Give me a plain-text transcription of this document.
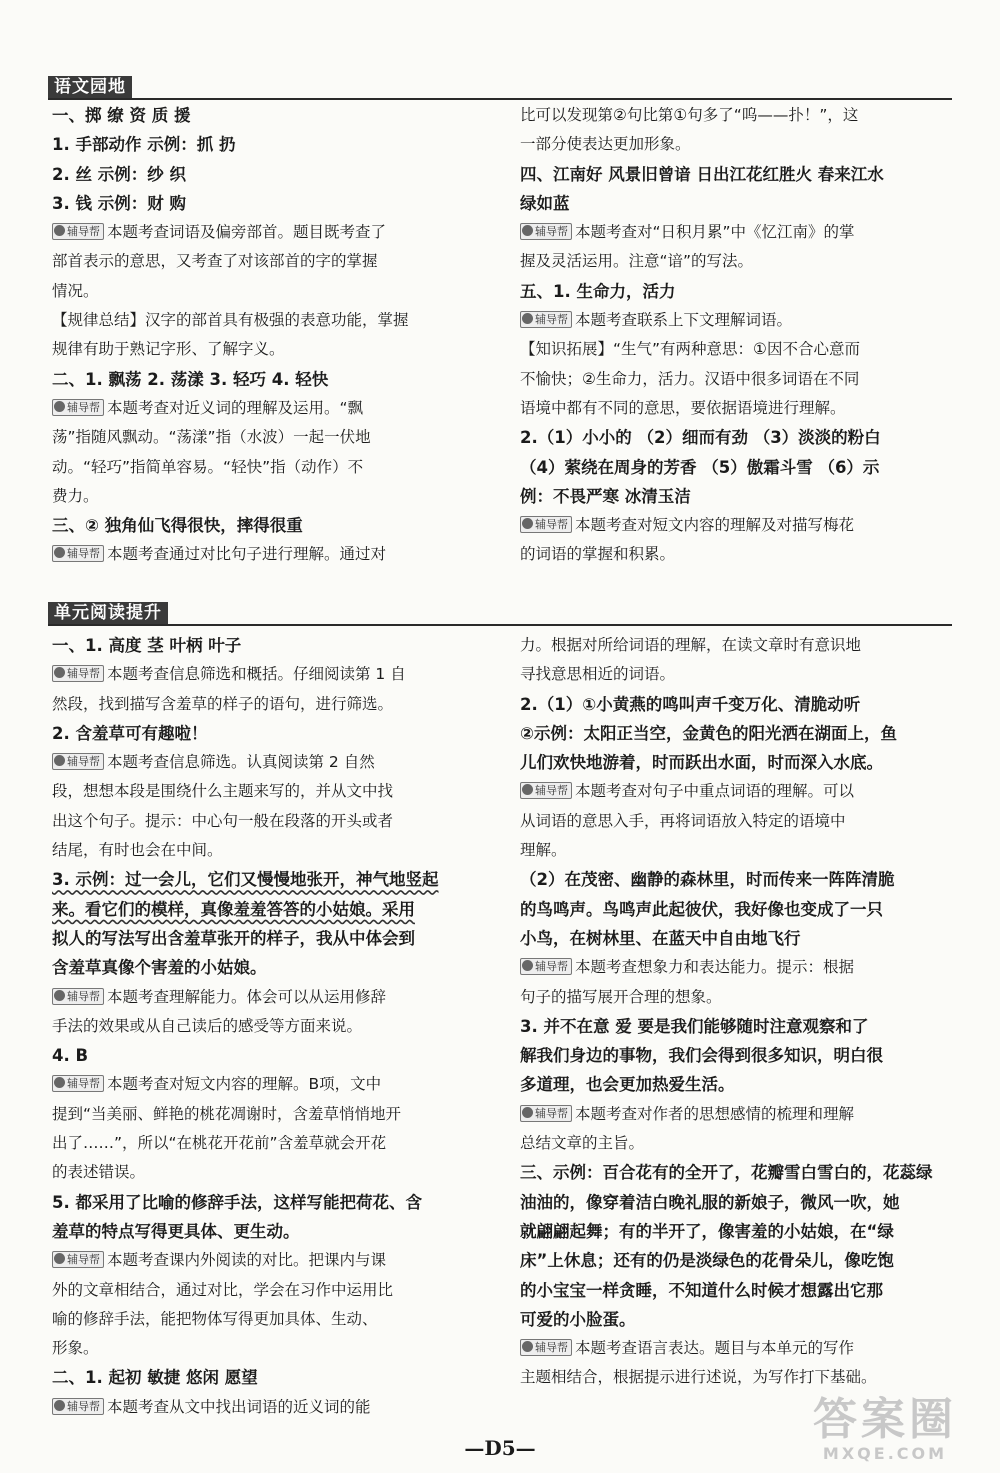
语文园地
一、掷 缭 资 质 援
1. 手部动作 示例：抓 扔
2. 丝 示例：纱 织
3. 钱 示例：财 购
辅导帮 本题考查词语及偏旁部首。题目既考查了
部首表示的意思，又考查了对该部首的字的掌握
情况。
【规律总结】汉字的部首具有极强的表意功能，掌握
规律有助于熟记字形、了解字义。
二、1. 飘荡 2. 荡漾 3. 轻巧 4. 轻快
辅导帮 本题考查对近义词的理解及运用。“飘
荡”指随风飘动。“荡漾”指（水波）一起一伏地
动。“轻巧”指简单容易。“轻快”指（动作）不
费力。
三、② 独角仙飞得很快，摔得很重
辅导帮 本题考查通过对比句子进行理解。通过对
比可以发现第②句比第①句多了“呜——扑！”，这
一部分使表达更加形象。
四、江南好 风景旧曾谙 日出江花红胜火 春来江水
绿如蓝
辅导帮 本题考查对“日积月累”中《忆江南》的掌
握及灵活运用。注意“谙”的写法。
五、1. 生命力，活力
辅导帮 本题考查联系上下文理解词语。
【知识拓展】“生气”有两种意思：①因不合心意而
不愉快；②生命力，活力。汉语中很多词语在不同
语境中都有不同的意思，要依据语境进行理解。
2.（1）小小的 （2）细而有劲 （3）淡淡的粉白
（4）萦绕在周身的芳香 （5）傲霜斗雪 （6）示
例：不畏严寒 冰清玉洁
辅导帮 本题考查对短文内容的理解及对描写梅花
的词语的掌握和积累。
单元阅读提升
一、1. 高度 茎 叶柄 叶子
辅导帮 本题考查信息筛选和概括。仔细阅读第 1 自
然段，找到描写含羞草的样子的语句，进行筛选。
2. 含羞草可有趣啦！
辅导帮 本题考查信息筛选。认真阅读第 2 自然
段，想想本段是围绕什么主题来写的，并从文中找
出这个句子。提示：中心句一般在段落的开头或者
结尾，有时也会在中间。
3. 示例：过一会儿，它们又慢慢地张开，神气地竖起
来。看它们的模样，真像羞羞答答的小姑娘。采用
拟人的写法写出含羞草张开的样子，我从中体会到
含羞草真像个害羞的小姑娘。
辅导帮 本题考查理解能力。体会可以从运用修辞
手法的效果或从自己读后的感受等方面来说。
4. B
辅导帮 本题考查对短文内容的理解。B项，文中
提到“当美丽、鲜艳的桃花凋谢时，含羞草悄悄地开
出了……”，所以“在桃花开花前”含羞草就会开花
的表述错误。
5. 都采用了比喻的修辞手法，这样写能把荷花、含
羞草的特点写得更具体、更生动。
辅导帮 本题考查课内外阅读的对比。把课内与课
外的文章相结合，通过对比，学会在习作中运用比
喻的修辞手法，能把物体写得更加具体、生动、
形象。
二、1. 起初 敏捷 悠闲 愿望
辅导帮 本题考查从文中找出词语的近义词的能
力。根据对所给词语的理解，在读文章时有意识地
寻找意思相近的词语。
2.（1）①小黄燕的鸣叫声千变万化、清脆动听
②示例：太阳正当空，金黄色的阳光洒在湖面上，鱼
儿们欢快地游着，时而跃出水面，时而深入水底。
辅导帮 本题考查对句子中重点词语的理解。可以
从词语的意思入手，再将词语放入特定的语境中
理解。
（2）在茂密、幽静的森林里，时而传来一阵阵清脆
的鸟鸣声。鸟鸣声此起彼伏，我好像也变成了一只
小鸟，在树林里、在蓝天中自由地飞行
辅导帮 本题考查想象力和表达能力。提示：根据
句子的描写展开合理的想象。
3. 并不在意 爱 要是我们能够随时注意观察和了
解我们身边的事物，我们会得到很多知识，明白很
多道理，也会更加热爱生活。
辅导帮 本题考查对作者的思想感情的梳理和理解
总结文章的主旨。
三、示例：百合花有的全开了，花瓣雪白雪白的，花蕊绿
油油的，像穿着洁白晚礼服的新娘子，微风一吹，她
就翩翩起舞；有的半开了，像害羞的小姑娘，在“绿
床”上休息；还有的仍是淡绿色的花骨朵儿，像吃饱
的小宝宝一样贪睡，不知道什么时候才想露出它那
可爱的小脸蛋。
辅导帮 本题考查语言表达。题目与本单元的写作
主题相结合，根据提示进行述说，为写作打下基础。
—D5—
答案圈
MXQE.COM
